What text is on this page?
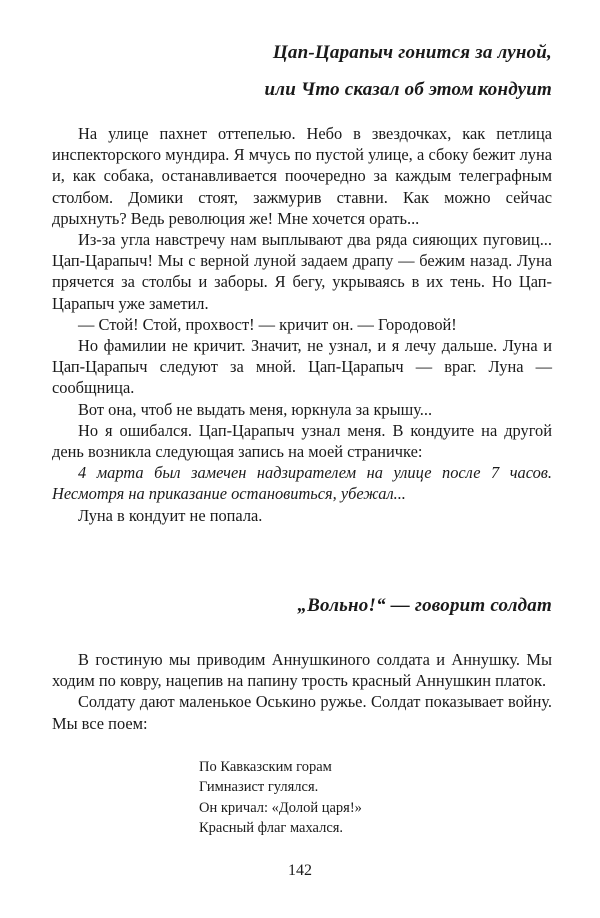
Цап-Царапыч гонится за луной,
или Что сказал об этом кондуит

На улице пахнет оттепелью. Небо в звездочках, как петлица инспекторского мундира. Я мчусь по пустой улице, а сбоку бежит луна и, как собака, останавливается поочередно за каждым телеграфным столбом. Домики стоят, зажмурив ставни. Как можно сейчас дрыхнуть? Ведь революция же! Мне хочется орать...

Из-за угла навстречу нам выплывают два ряда сияющих пуговиц... Цап-Царапыч! Мы с верной луной задаем драпу — бежим назад. Луна прячется за столбы и заборы. Я бегу, укрываясь в их тень. Но Цап-Царапыч уже заметил.

— Стой! Стой, прохвост! — кричит он. — Городовой!

Но фамилии не кричит. Значит, не узнал, и я лечу дальше. Луна и Цап-Царапыч следуют за мной. Цап-Царапыч — враг. Луна — сообщница.

Вот она, чтоб не выдать меня, юркнула за крышу...

Но я ошибался. Цап-Царапыч узнал меня. В кондуите на другой день возникла следующая запись на моей страничке:

4 марта был замечен надзирателем на улице после 7 часов. Несмотря на приказание остановиться, убежал...

Луна в кондуит не попала.

„Вольно!“ — говорит солдат

В гостиную мы приводим Аннушкиного солдата и Аннушку. Мы ходим по ковру, нацепив на папину трость красный Аннушкин платок.

Солдату дают маленькое Оськино ружье. Солдат показывает войну. Мы все поем:

По Кавказским горам
Гимназист гулялся.
Он кричал: «Долой царя!»
Красный флаг махался.
142
